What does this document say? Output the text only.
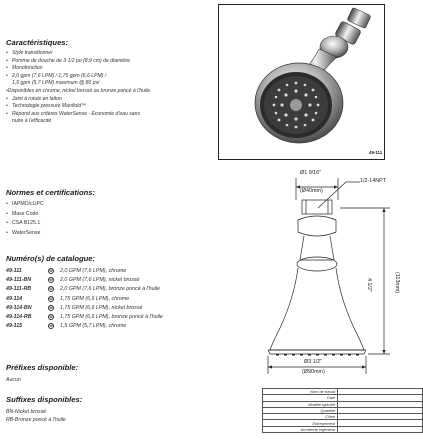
Caractéristiques:
• Style transitionnel
• Pomme de douche de 3 1/2 po (8,9 cm) de diamètre
• Monofonction
• 2,0 gpm (7,6 LPM) / 1,75 gpm (6,6 LPM) /
1,5 gpm (5,7 LPM) maximum @ 80 psi
•Disponibles en chrome, nickel brossé ou bronze poncé à l'huile
• Joint à rotule en laiton
• Technologie pressure Manifold™
• Répond aux critères WaterSense · Économie d'eau sans
nuire à l'efficacité
Normes et certifications:
• IAPMO/cUPC
• Mass Code
• CSA B125.1
• WaterSense
Numéro(s) de catalogue:
49-111	W	2,0 GPM (7,6 LPM), chrome
49-111-BN	W	2,0 GPM (7,6 LPM), nickel brossé
49-111-RB	W	2,0 GPM (7,6 LPM), bronze poncé à l'huile
49-114	W	1,75 GPM (6,6 LPM), chrome
49-114-BN	W	1,75 GPM (6,6 LPM), nickel brossé
49-114-RB	W	1,75 GPM (6,6 LPM), bronze poncé à l'huile
49-115	W	1,5 GPM (5,7 LPM), chrome
Préfixes disponible:
Aucun
Suffixes disponibles:
BN-Nickel brossé
RB-Bronze poncé à l'huile
49-111
Ø1 9/16"
(Ø40mm)
1/2-14NPT
4 1/2"	(113mm)
Ø3 1/2"
(Ø90mm)
Nom de travail	
Date	
Modèle spécifié	
Quantité	
Client	
Entrepreneur	
Architecte Ingénieur	
